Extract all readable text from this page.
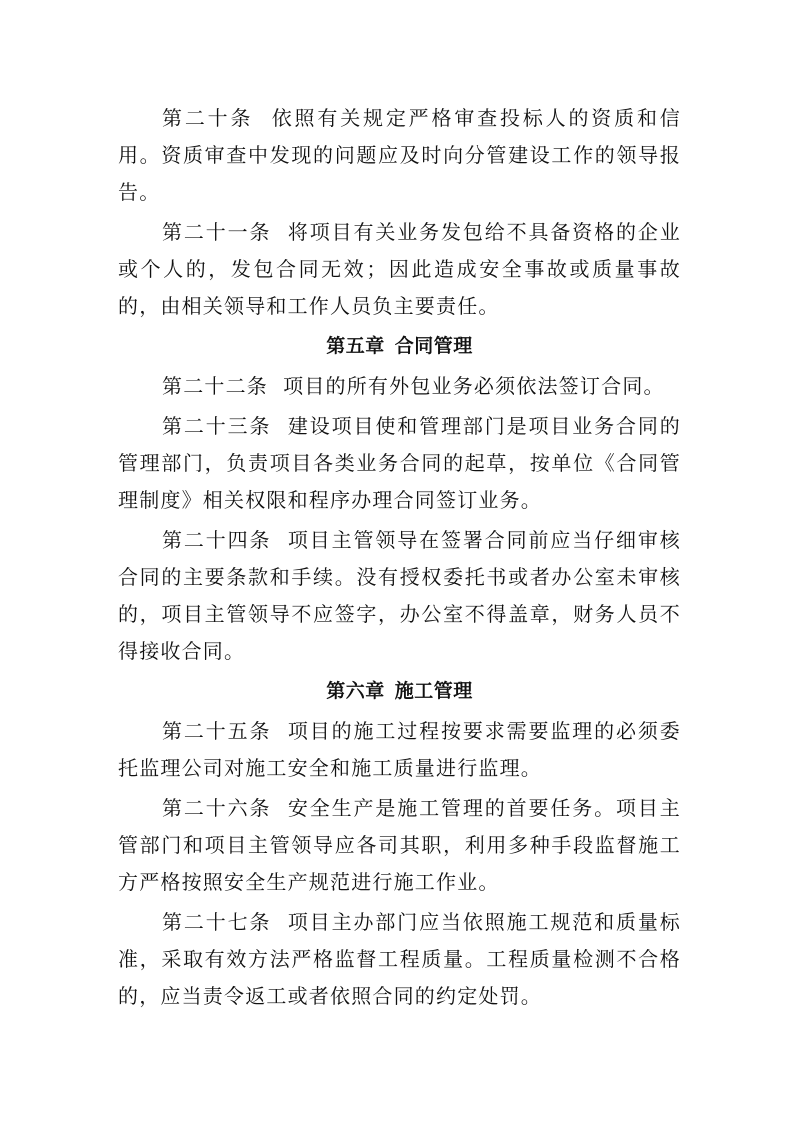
第二十条 依照有关规定严格审查投标人的资质和信用。资质审查中发现的问题应及时向分管建设工作的领导报告。

第二十一条 将项目有关业务发包给不具备资格的企业或个人的，发包合同无效；因此造成安全事故或质量事故的，由相关领导和工作人员负主要责任。

第五章 合同管理

第二十二条 项目的所有外包业务必须依法签订合同。

第二十三条 建设项目使和管理部门是项目业务合同的管理部门，负责项目各类业务合同的起草，按单位《合同管理制度》相关权限和程序办理合同签订业务。

第二十四条 项目主管领导在签署合同前应当仔细审核合同的主要条款和手续。没有授权委托书或者办公室未审核的，项目主管领导不应签字，办公室不得盖章，财务人员不得接收合同。

第六章 施工管理

第二十五条 项目的施工过程按要求需要监理的必须委托监理公司对施工安全和施工质量进行监理。

第二十六条 安全生产是施工管理的首要任务。项目主管部门和项目主管领导应各司其职，利用多种手段监督施工方严格按照安全生产规范进行施工作业。

第二十七条 项目主办部门应当依照施工规范和质量标准，采取有效方法严格监督工程质量。工程质量检测不合格的，应当责令返工或者依照合同的约定处罚。
